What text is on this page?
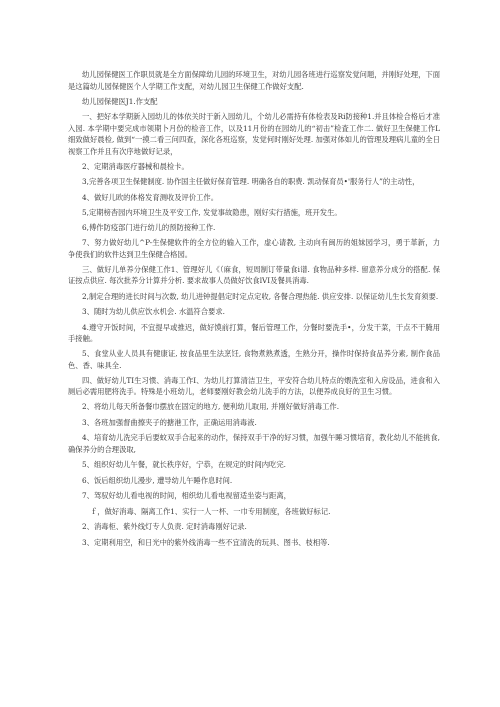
幼儿园保健医工作职员就是全方面保障幼儿园的环境卫生，对幼儿园各班进行巡察发觉问题，并刚好处理，下面是这篇幼儿园保健医个人学期工作支配，对幼儿园卫生保健工作做好支配.

幼儿园保健医J1.作支配

一、把好本学期新入园幼儿的体依关时于新入园幼儿，个幼儿必需持有体检表及Ri防接种1.并且体检合格后才准入园. 本学期中要完成市领期卜月份的检音工作，以及11月份的在园幼儿的“初击”检査工作二. 做好卫生保健工作L细致做好晨检, 做到“一摸二看三问四查，深化各班巡察，发觉何时刚好处理. 加强对体如儿的管理及理病儿童的全日视察工作并且有次序地做好记录，

2、定期消毒医疗器械和晨检卡。

3,完善各项卫生保健制度. 协作国主任做好保育管理. 明确各自的职费. 凯动保育员•'服务行人”的主动性，

4、做好儿欧的体格发育测收及评价工作。

5,定期榜杳园内环境卫生及平安工作, 发觉事故隐患，刚好实行措施，班开发生。

6,傅作防疫部门进行幼儿的预防接种工作.

7、努力做好幼儿^P-生保健软件的全方位的输入工作，虚心请教, 主动向有闽历的姐妹园学习，勇于革新，力争使我们的软件达到卫生保健合格园。

三、做好儿单养分保健工作1、管理好儿《（麻食，短周制订带量食i谱. 食物品种多样. 留意养分成分的搭配. 保证按点供应. 每次批养分计算并分析. 要求故事人员做好饮食lVI及餐具消毒.

2,制定合理的进长时间与次数, 幼儿进钟提倡定时定点定收, 各餐合理热能. 供应安排. 以保证幼儿生长发育须要.

3、随时为幼儿供应饮水机会. 水温符合要求.

4.遵守开饭时间，不宜提早或推迟，做好馍前打算，餐后管理工作，分餐时要洗手•，分发干菜，干点不干腌用手接触。

5、食堂从业人员具有健康证, 按食品里生法烹饪, 食物煮熟煮透，生熟分开，操作时保持食品养分素, 制作食品色、香、味具全.

四、做好幼儿TI生习惯、消毒工作I、为幼儿打算清洁卫生，平安符合幼儿特点的煨洗室和入房设品，进食和入厕后必需用肥将洗手。特殊是小班幼儿，老师要刚好教会幼儿洗手的方法，以便养成良好的卫生习惯。

2、将幼儿每天所备餐巾摆放在固定的地方, 便利幼儿取用, 并刚好做好消毒工作.

3、各班加强督曲擦夹子的搪港工作，正确运用消毒液.

4、培育幼儿洗完手后要蚊双手合起来的动作，保持双手干净的好习惯，加强午睡习惯培育，教化幼儿不能挑食, 确保养分的合理汲取,

5、组织好幼儿午餐，就长秩序好，宁恭，在规定的时间内吃完.

6、饭后组织幼儿漫步, 遭导幼儿午睡作息时间.

7、驾驭好幼儿看电视的时间，相织幼儿看电视留适坐姿与距离，

ｆ，做好消毒、隔离工作1、实行一人一杯、一巾专用制度，各班做好标记.

2、消毒柜、紫外线灯专人负责. 定时消毒刚好记录.

3、定期利用空，和日光中的紫外线消毒一些不宜清洗的玩具、图书、枝相等.
